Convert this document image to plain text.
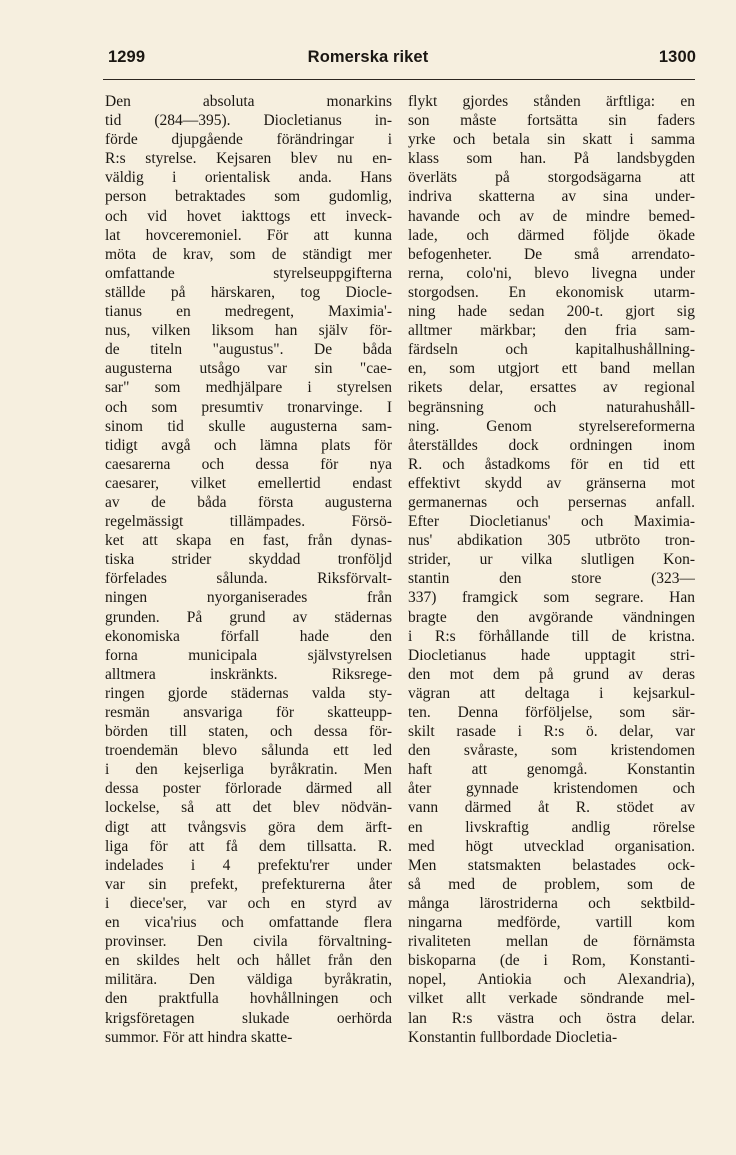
1299	Romerska riket	1300
Den absoluta monarkins
tid (284—395). Diocletianus in-
förde djupgående förändringar i
R:s styrelse. Kejsaren blev nu en-
väldig i orientalisk anda. Hans
person betraktades som gudomlig,
och vid hovet iakttogs ett inveck-
lat hovceremoniel. För att kunna
möta de krav, som de ständigt mer
omfattande styrelseuppgifterna
ställde på härskaren, tog Diocle-
tianus en medregent, Maximia'-
nus, vilken liksom han själv för-
de titeln "augustus". De båda
augusterna utsågo var sin "cae-
sar" som medhjälpare i styrelsen
och som presumtiv tronarvinge. I
sinom tid skulle augusterna sam-
tidigt avgå och lämna plats för
caesarerna och dessa för nya
caesarer, vilket emellertid endast
av de båda första augusterna
regelmässigt tillämpades. Försö-
ket att skapa en fast, från dynas-
tiska strider skyddad tronföljd
förfelades sålunda. Riksförvalt-
ningen nyorganiserades från
grunden. På grund av städernas
ekonomiska förfall hade den
forna municipala självstyrelsen
alltmera inskränkts. Riksrege-
ringen gjorde städernas valda sty-
resmän ansvariga för skatteupp-
börden till staten, och dessa för-
troendemän blevo sålunda ett led
i den kejserliga byråkratin. Men
dessa poster förlorade därmed all
lockelse, så att det blev nödvän-
digt att tvångsvis göra dem ärft-
liga för att få dem tillsatta. R.
indelades i 4 prefektu'rer under
var sin prefekt, prefekturerna åter
i diece'ser, var och en styrd av
en vica'rius och omfattande flera
provinser. Den civila förvaltning-
en skildes helt och hållet från den
militära. Den väldiga byråkratin,
den praktfulla hovhållningen och
krigsföretagen slukade oerhörda
summor. För att hindra skatte-
flykt gjordes stånden ärftliga: en
son måste fortsätta sin faders
yrke och betala sin skatt i samma
klass som han. På landsbygden
överläts på storgodsägarna att
indriva skatterna av sina under-
havande och av de mindre bemed-
lade, och därmed följde ökade
befogenheter. De små arrendato-
rerna, colo'ni, blevo livegna under
storgodsen. En ekonomisk utarm-
ning hade sedan 200-t. gjort sig
alltmer märkbar; den fria sam-
färdseln och kapitalhushållning-
en, som utgjort ett band mellan
rikets delar, ersattes av regional
begränsning och naturahushåll-
ning. Genom styrelsereformerna
återställdes dock ordningen inom
R. och åstadkoms för en tid ett
effektivt skydd av gränserna mot
germanernas och persernas anfall.
Efter Diocletianus' och Maximia-
nus' abdikation 305 utbröto tron-
strider, ur vilka slutligen Kon-
stantin den store (323—
337) framgick som segrare. Han
bragte den avgörande vändningen
i R:s förhållande till de kristna.
Diocletianus hade upptagit stri-
den mot dem på grund av deras
vägran att deltaga i kejsarkul-
ten. Denna förföljelse, som sär-
skilt rasade i R:s ö. delar, var
den svåraste, som kristendomen
haft att genomgå. Konstantin
åter gynnade kristendomen och
vann därmed åt R. stödet av
en livskraftig andlig rörelse
med högt utvecklad organisation.
Men statsmakten belastades ock-
så med de problem, som de
många lärostriderna och sektbild-
ningarna medförde, vartill kom
rivaliteten mellan de förnämsta
biskoparna (de i Rom, Konstanti-
nopel, Antiokia och Alexandria),
vilket allt verkade söndrande mel-
lan R:s västra och östra delar.
Konstantin fullbordade Diocletia-
